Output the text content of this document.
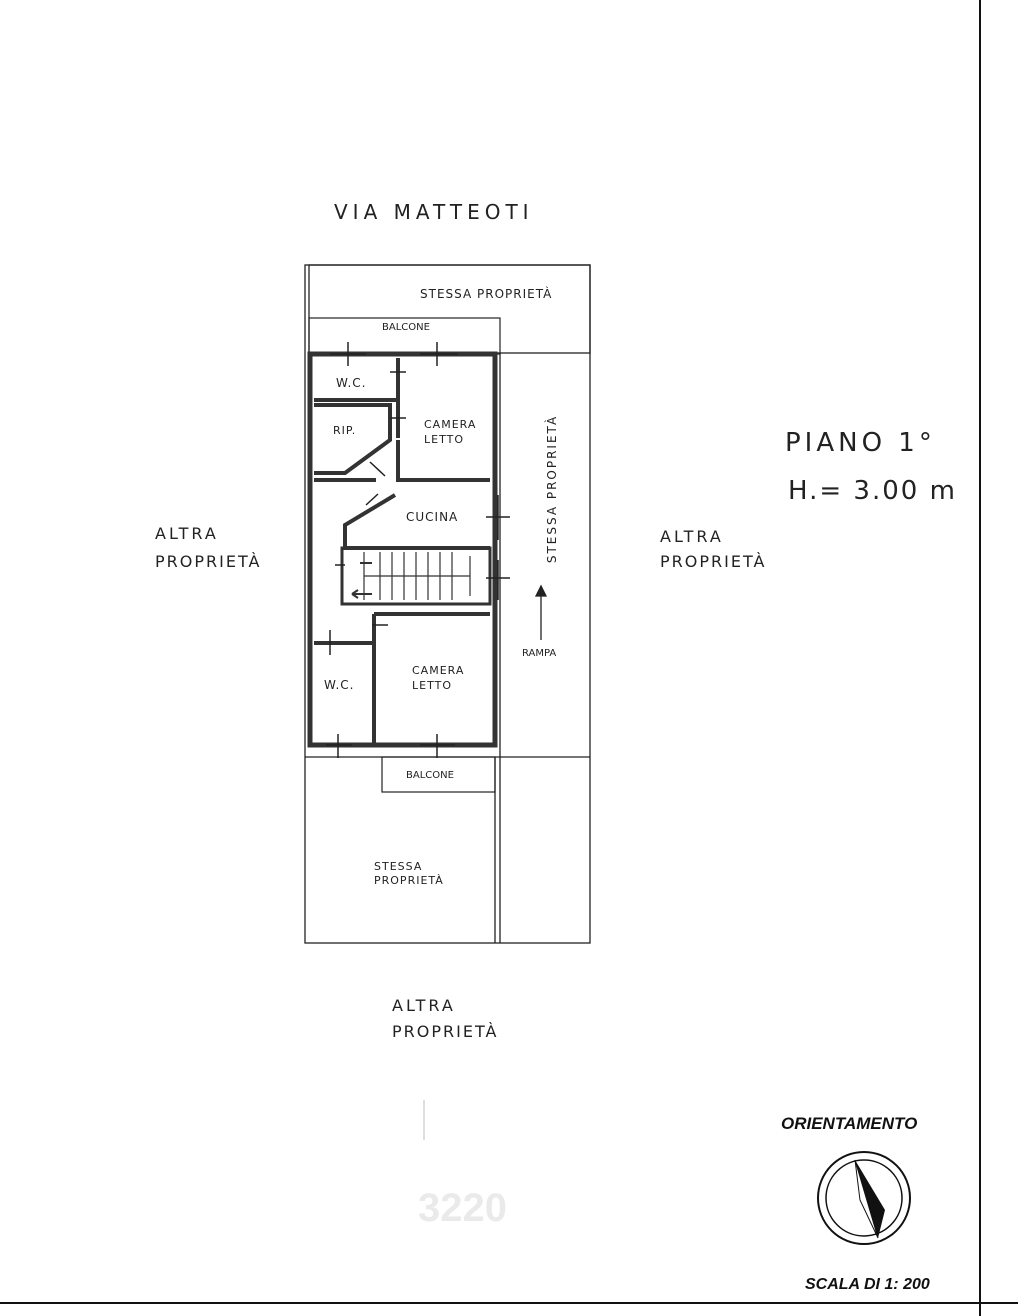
VIA MATTEOTI
PIANO 1°
H.= 3.00 m
ALTRA
PROPRIETÀ
ALTRA
PROPRIETÀ
ALTRA
PROPRIETÀ
STESSA PROPRIETÀ
STESSA PROPRIETÀ
STESSA
PROPRIETÀ
RAMPA
BALCONE
W.C.
RIP.	CAMERA
LETTO
CUCINA
W.C.
CAMERA
LETTO
BALCONE
ORIENTAMENTO
SCALA DI 1: 200
3220
